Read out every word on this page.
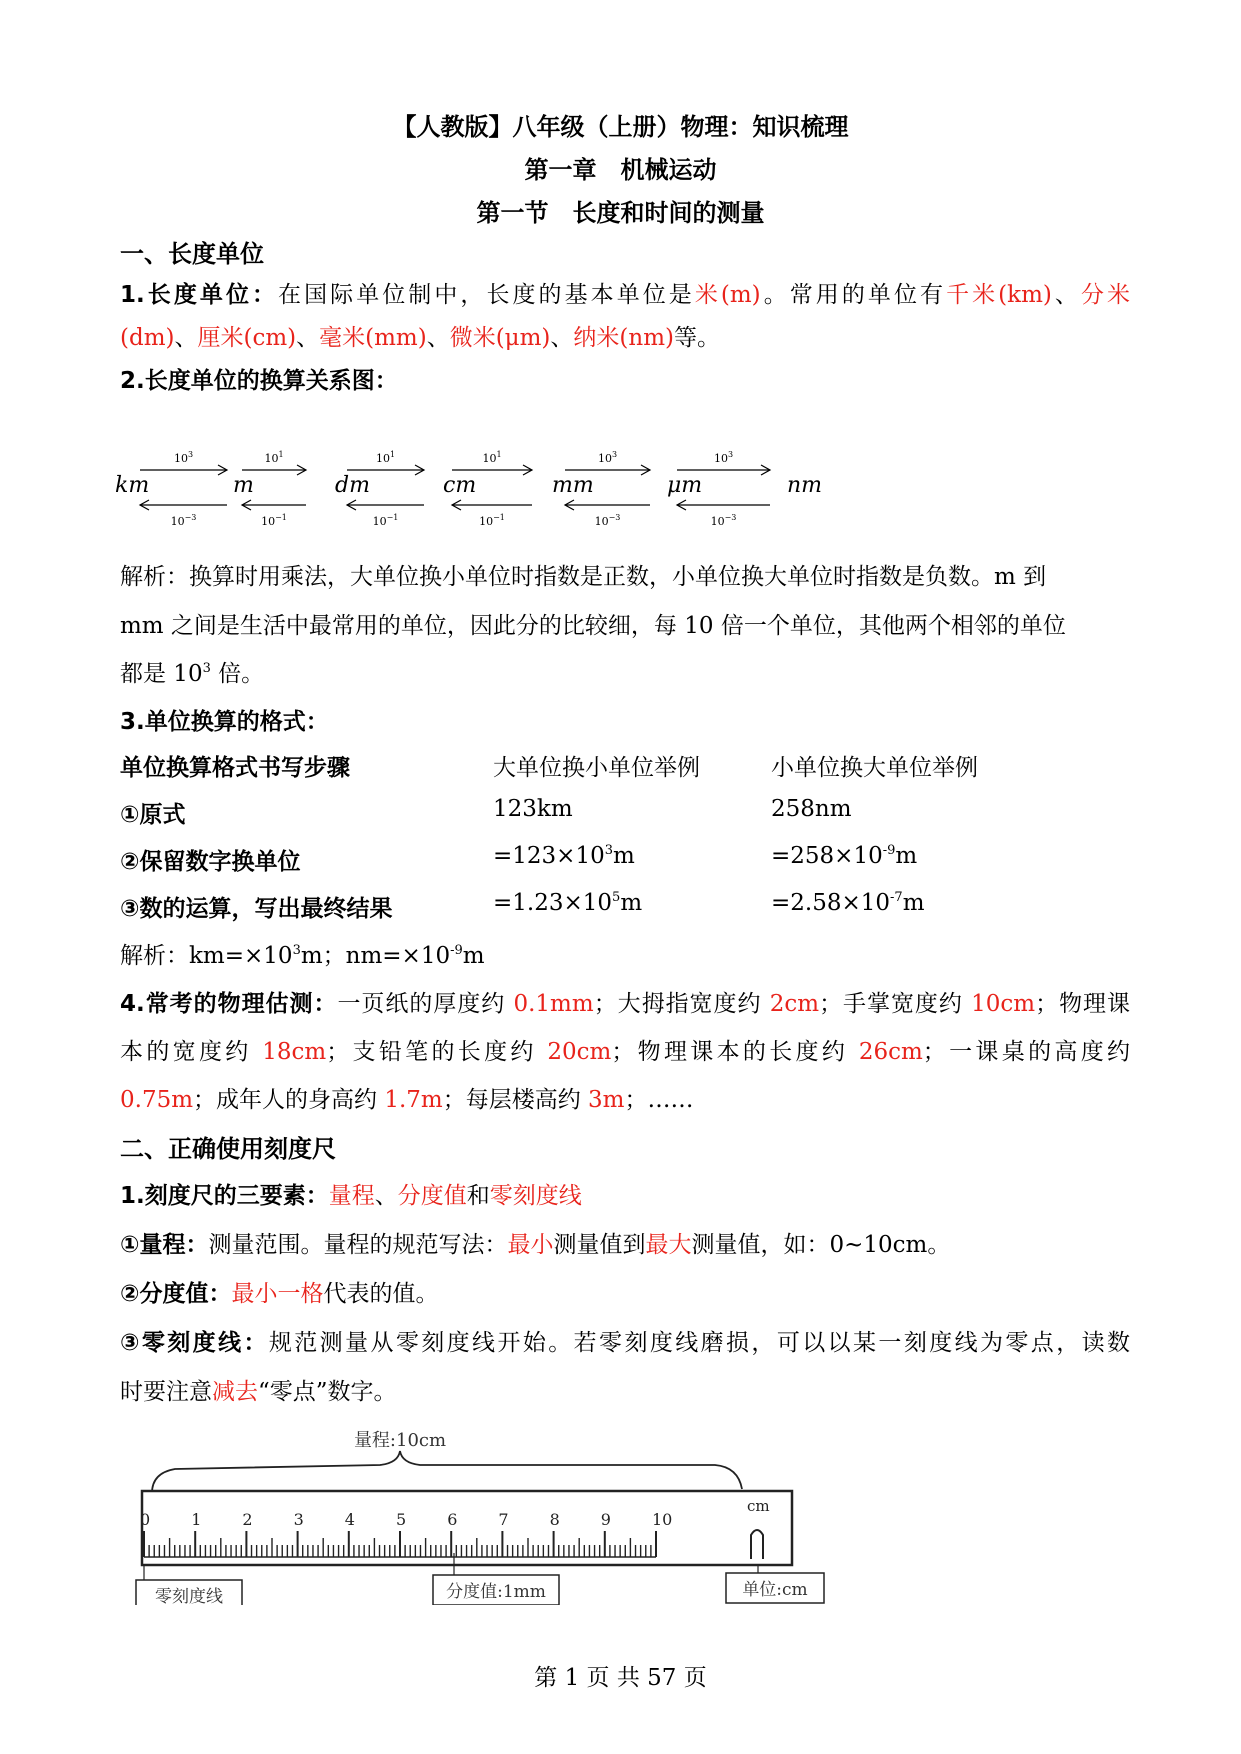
【人教版】八年级（上册）物理：知识梳理
第一章　机械运动
第一节　长度和时间的测量
一、长度单位
1.长度单位：在国际单位制中，长度的基本单位是米(m)。常用的单位有千米(km)、分米
(dm)、厘米(cm)、毫米(mm)、微米(μm)、纳米(nm)等。
2.长度单位的换算关系图：
km	m	dm	cm	mm	μm	nm
$10^3$
$10^{-3}$
$10^1$
$10^{-1}$
$10^1$
$10^{-1}$
$10^1$
$10^{-1}$
$10^3$
$10^{-3}$
$10^3$
$10^{-3}$
解析：换算时用乘法，大单位换小单位时指数是正数，小单位换大单位时指数是负数。m 到
mm 之间是生活中最常用的单位，因此分的比较细，每 10 倍一个单位，其他两个相邻的单位
都是 $10^3$ 倍。
3.单位换算的格式：
单位换算格式书写步骤	大单位换小单位举例	小单位换大单位举例
①原式	123km	258nm
②保留数字换单位	$=123\times 10^3m$	$=258\times 10^{-9}m$
③数的运算，写出最终结果	$=1.23\times 10^5m$	$=2.58\times 10^{-7}m$
解析：$km=\times 10^3m$；$nm=\times 10^{-9}m$
4.常考的物理估测：一页纸的厚度约 0.1mm；大拇指宽度约 2cm；手掌宽度约 10cm；物理课
本的宽度约 18cm；支铅笔的长度约 20cm；物理课本的长度约 26cm；一课桌的高度约
0.75m；成年人的身高约 1.7m；每层楼高约 3m；……
二、正确使用刻度尺
1.刻度尺的三要素：量程、分度值和零刻度线
①量程：测量范围。量程的规范写法：最小测量值到最大测量值，如：0~10cm。
②分度值：最小一格代表的值。
③零刻度线：规范测量从零刻度线开始。若零刻度线磨损，可以以某一刻度线为零点，读数
时要注意减去“零点”数字。
量程:10cm
0	1	2	3	4	5	6	7	8	9	10
cm
零刻度线	分度值:1mm	单位:cm
第 1 页 共 57 页
